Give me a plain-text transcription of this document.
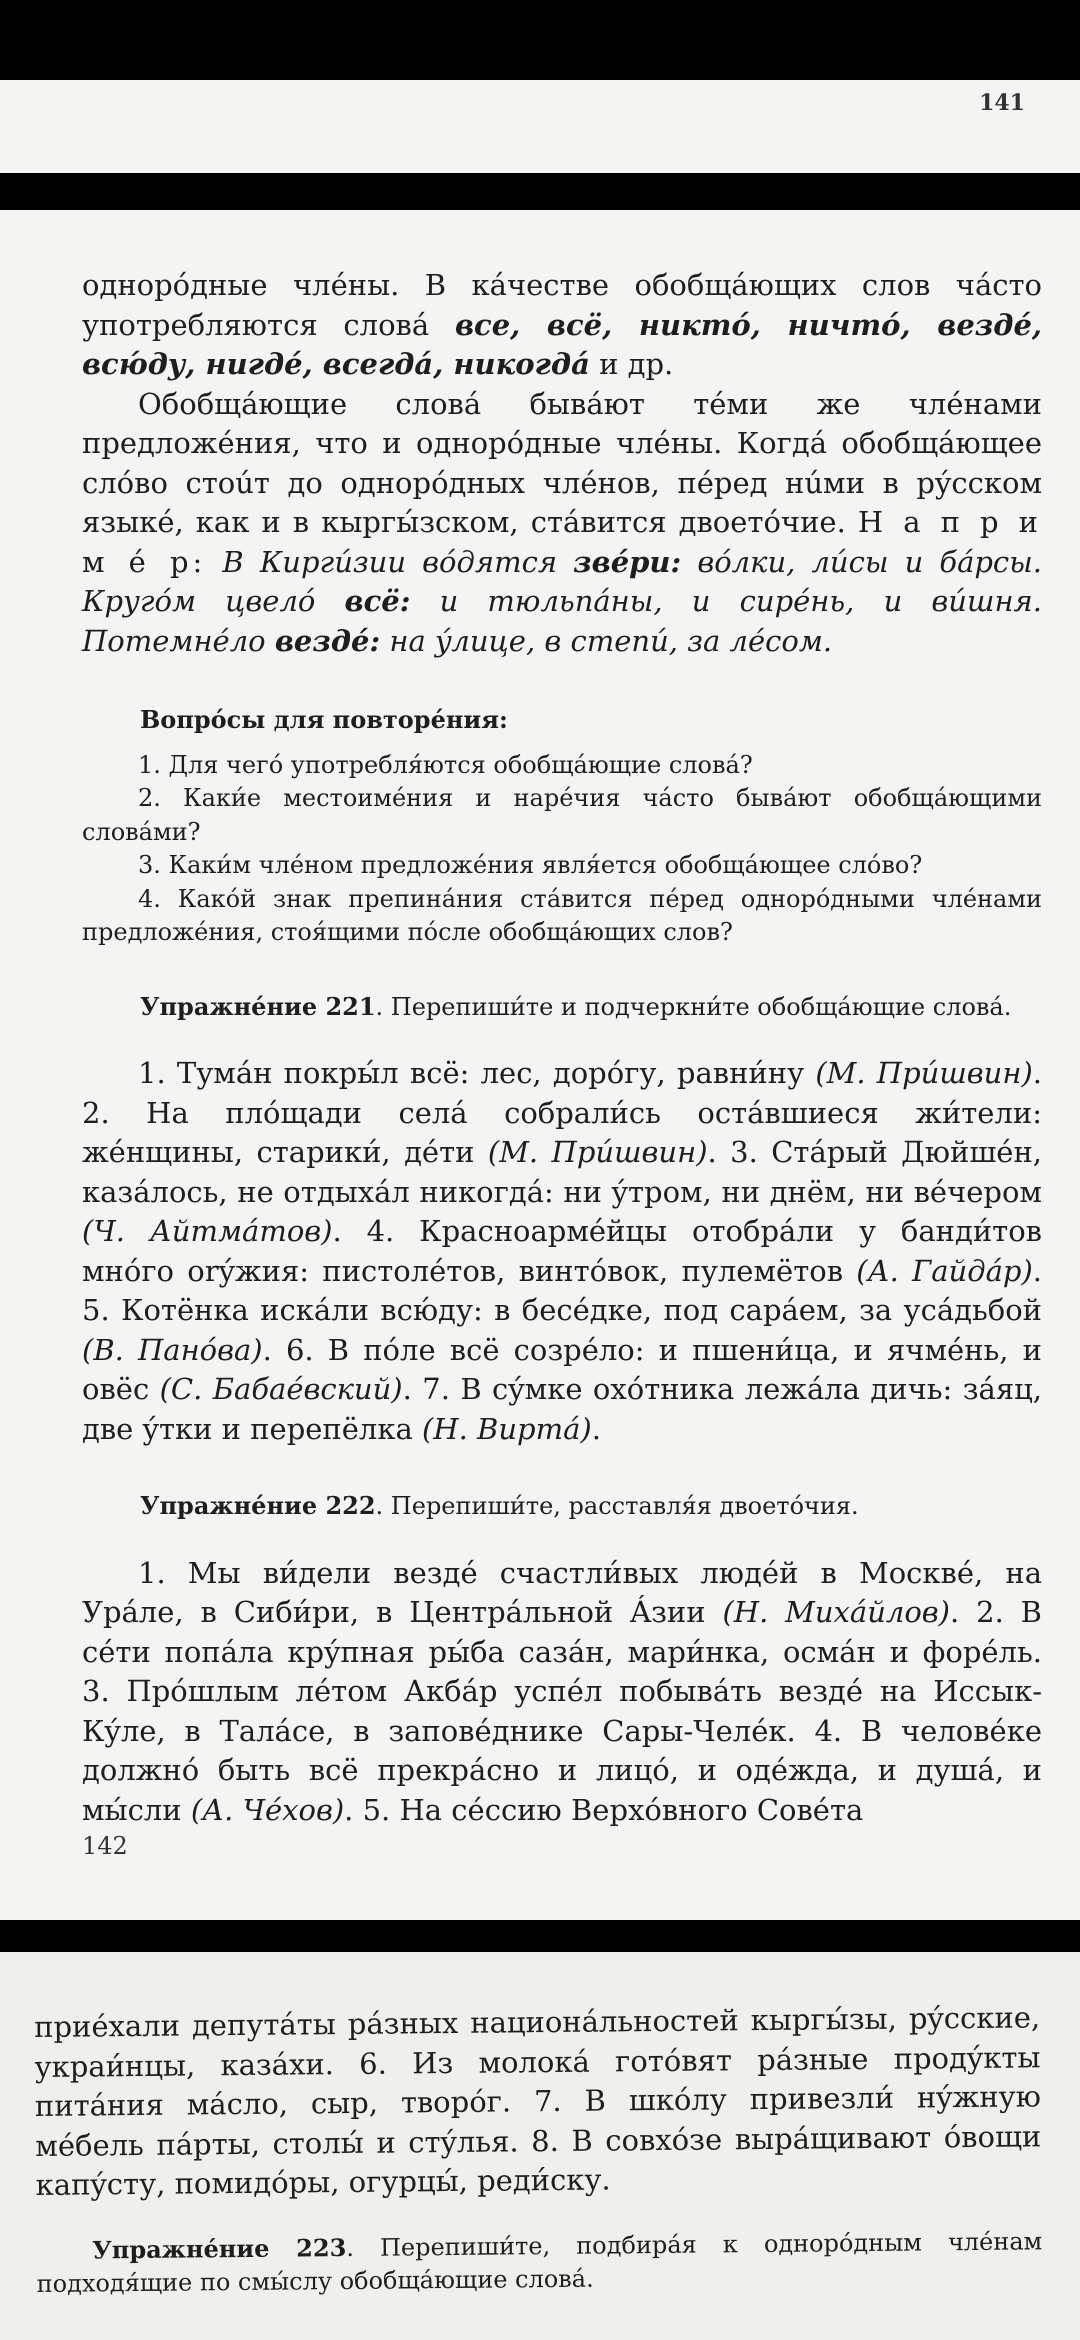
141

однорóдные члéны. В кáчестве обобщáющих слов чáсто употребляются словá все, всё, никтó, ничтó, вездé, всю́ду, нигдé, всегдá, никогдá и др.

Обобщáющие словá бывáют тéми же члéнами предложéния, что и однорóдные члéны. Когдá обобщáющее слóво стоúт до однорóдных члéнов, пéред нúми в рýсском языкé, как и в кыргы́зском, стáвится двоетóчие. Н а п р и м é р: В Кирги́зии вóдятся звéри: вóлки, ли́сы и бáрсы. Кругóм цвелó всё: и тюльпáны, и сирéнь, и ви́шня. Потемнéло вездé: на ýлице, в степи́, за лéсом.

Вопрóсы для повторéния:

1. Для чегó употребля́ются обобщáющие словá?

2. Каки́е местоимéния и нарéчия чáсто бывáют обобщáющими словáми?

3. Каки́м члéном предложéния явля́ется обобщáющее слóво?

4. Какóй знак препинáния стáвится пéред однорóдными члéнами предложéния, стоя́щими пóсле обобщáющих слов?

Упражнéние 221. Перепиши́те и подчеркни́те обобщáющие словá.

1. Тумáн покры́л всё: лес, дорóгу, равни́ну (М. При́швин). 2. На плóщади селá собрали́сь остáвшиеся жи́тели: жéнщины, старики́, дéти (М. При́швин). 3. Стáрый Дюйшéн, казáлось, не отдыхáл никогдá: ни ýтром, ни днём, ни вéчером (Ч. Айтмáтов). 4. Красноармéйцы отобрáли у банди́тов мнóго orýжия: пистолéтов, винтóвок, пулемётов (А. Гайдáр). 5. Котёнка искáли всю́ду: в бесéдке, под сарáем, за усáдьбой (В. Панóва). 6. В пóле всё созрéло: и пшени́ца, и ячмéнь, и овёс (С. Бабаéвский). 7. В сýмке охóтника лежáла дичь: зáяц, две ýтки и перепёлка (Н. Виртá).

Упражнéние 222. Перепиши́те, расставля́я двоетóчия.

1. Мы ви́дели вездé счастли́вых людéй в Москвé, на Урáле, в Сиби́ри, в Центрáльной Áзии (Н. Михáйлов). 2. В сéти попáла крýпная ры́ба сазáн, мари́нка, осмáн и форéль. 3. Прóшлым лéтом Акбáр успéл побывáть вездé на Иссык-Кýле, в Талáсе, в заповéднике Сары-Челéк. 4. В человéке должнó быть всё прекрáсно и лицó, и одéжда, и душá, и мы́сли (А. Чéхов). 5. На сéссию Верхóвного Совéта

142

приéхали депутáты рáзных национáльностей кыргы́зы, рýсские, украи́нцы, казáхи. 6. Из молокá готóвят рáзные продýкты питáния мáсло, сыр, творóг. 7. В шкóлу привезли́ нýжную мéбель пáрты, столы́ и стýлья. 8. В совхóзе выра́щивают óвощи капýсту, помидóры, огурцы́, реди́ску.

Упражнéние 223. Перепиши́те, подбирáя к однорóдным члéнам подходя́щие по смы́слу обобщáющие словá.
